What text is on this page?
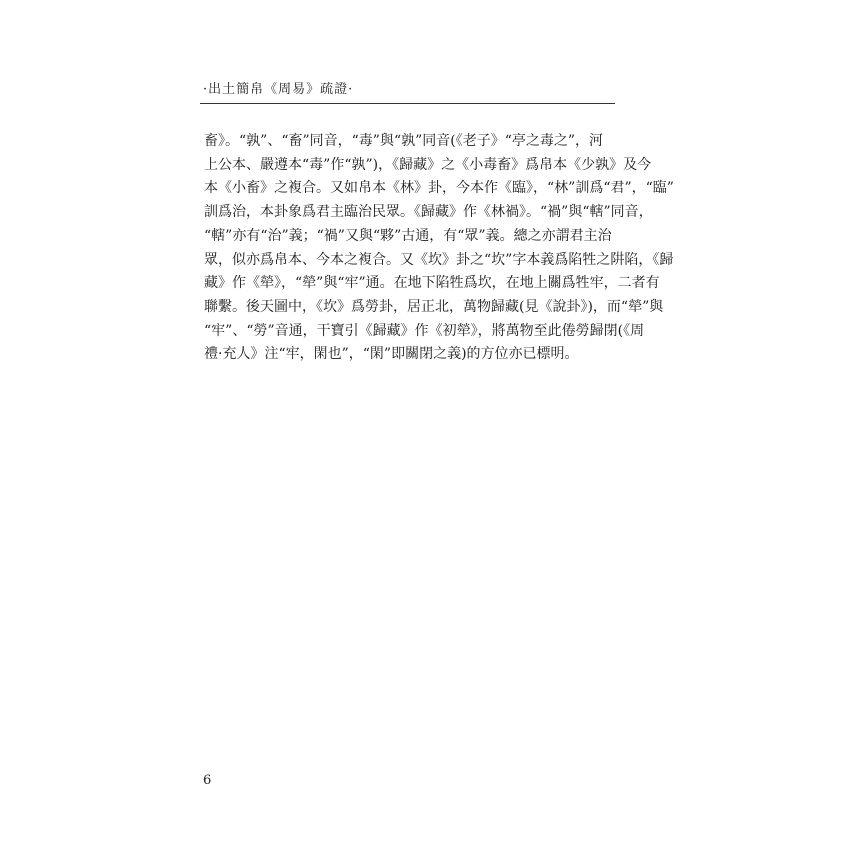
·出土簡帛《周易》疏證·
畜》。“孰”、“畜”同音，“毒”與“孰”同音(《老子》“亭之毒之”，河
上公本、嚴遵本“毒”作“孰”)，《歸藏》之《小毒畜》爲帛本《少孰》及今
本《小畜》之複合。又如帛本《林》卦，今本作《臨》，“林”訓爲“君”，“臨”
訓爲治，本卦象爲君主臨治民眾。《歸藏》作《林禍》。“禍”與“轄”同音，
“轄”亦有“治”義；“禍”又與“夥”古通，有“眾”義。總之亦謂君主治
眾，似亦爲帛本、今本之複合。又《坎》卦之“坎”字本義爲陷牲之阱陷，《歸
藏》作《犖》，“犖”與“牢”通。在地下陷牲爲坎，在地上關爲牲牢，二者有
聯繫。後天圖中，《坎》爲勞卦，居正北，萬物歸藏(見《說卦》)，而“犖”與
“牢”、“勞”音通，干寶引《歸藏》作《初犖》，將萬物至此倦勞歸閉(《周
禮·充人》注“牢，閑也”，“閑”即關閉之義)的方位亦已標明。
6
